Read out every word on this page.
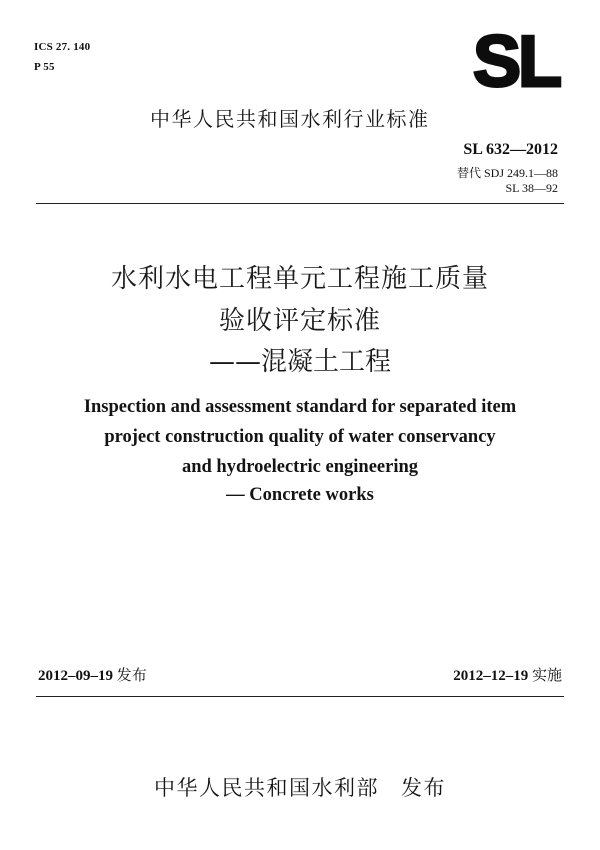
ICS 27. 140
P 55	SL
中华人民共和国水利行业标准
SL 632—2012
替代 SDJ 249.1—88
SL 38—92
水利水电工程单元工程施工质量
验收评定标准
——混凝土工程
Inspection and assessment standard for separated item
project construction quality of water conservancy
and hydroelectric engineering
— Concrete works
2012–09–19 发布	2012–12–19 实施
中华人民共和国水利部 发布
